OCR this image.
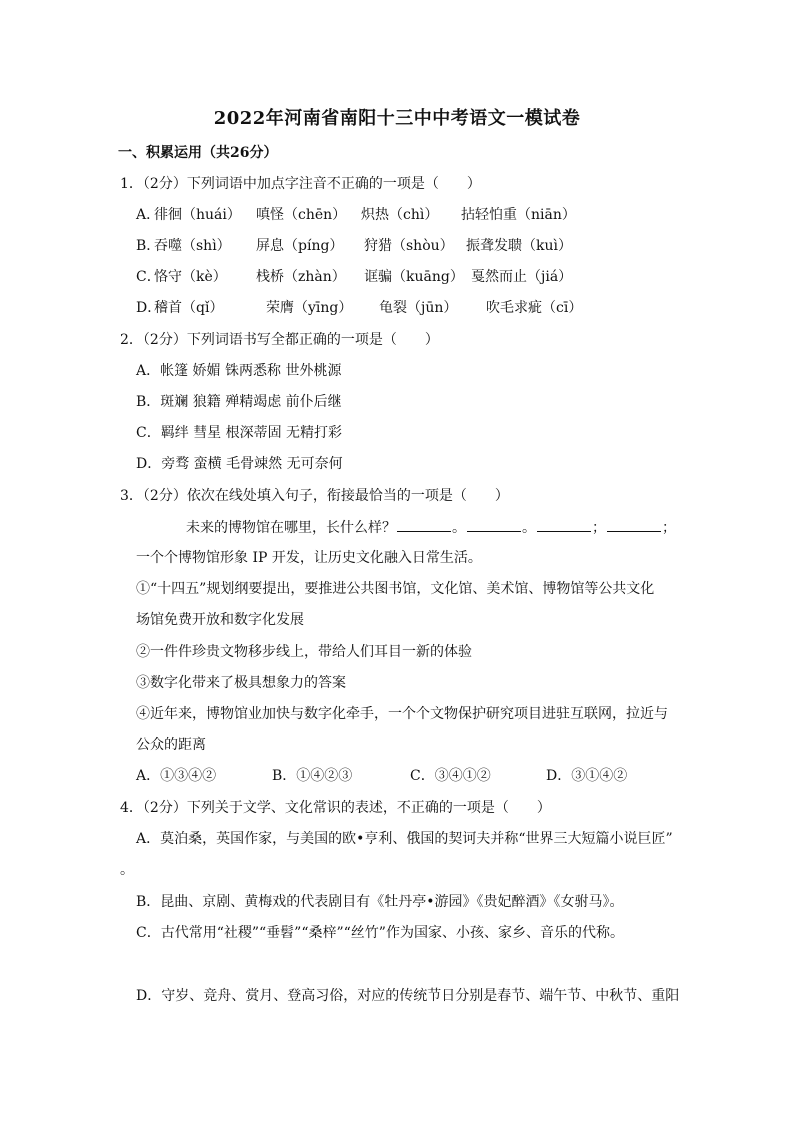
2022年河南省南阳十三中中考语文一模试卷
一、积累运用（共26分）
1．（2分）下列词语中加点字注音不正确的一项是（　　）
A．
徘徊（huái） 嗔怪（chēn） 炽热（chì） 拈轻怕重（niān）
B．
吞噬（shì） 屏息（píng） 狩猎（shòu） 振聋发聩（kuì）
C．
恪守（kè） 栈桥（zhàn） 诓骗（kuāng） 戛然而止（jiá）
D．
稽首（qǐ）	荣膺（yīng） 龟裂（jūn） 吹毛求疵（cī）
2．（2分）下列词语书写全都正确的一项是（　　）
A．帐篷 娇媚 铢两悉称 世外桃源
B．斑斓 狼籍 殚精竭虑 前仆后继
C．羁绊 彗星 根深蒂固 无精打彩
D．旁骛 蛮横 毛骨竦然 无可奈何
3．（2分）依次在线处填入句子，衔接最恰当的一项是（　　）
未来的博物馆在哪里，长什么样？	。	。	；	；
一个个博物馆形象 IP 开发，让历史文化融入日常生活。
①“十四五”规划纲要提出，要推进公共图书馆，文化馆、美术馆、博物馆等公共文化
场馆免费开放和数字化发展
②一件件珍贵文物移步线上，带给人们耳目一新的体验
③数字化带来了极具想象力的答案
④近年来，博物馆业加快与数字化牵手，一个个文物保护研究项目进驻互联网，拉近与
公众的距离
A．①③④②	B．①④②③	C．③④①②	D．③①④②
4．（2分）下列关于文学、文化常识的表述，不正确的一项是（　　）
A．莫泊桑，英国作家，与美国的欧•亨利、俄国的契诃夫并称“世界三大短篇小说巨匠”
。
B．昆曲、京剧、黄梅戏的代表剧目有《牡丹亭•游园》《贵妃醉酒》《女驸马》。
C．古代常用“社稷”“垂髫”“桑梓”“丝竹”作为国家、小孩、家乡、音乐的代称。
D．守岁、竞舟、赏月、登高习俗，对应的传统节日分别是春节、端午节、中秋节、重阳
